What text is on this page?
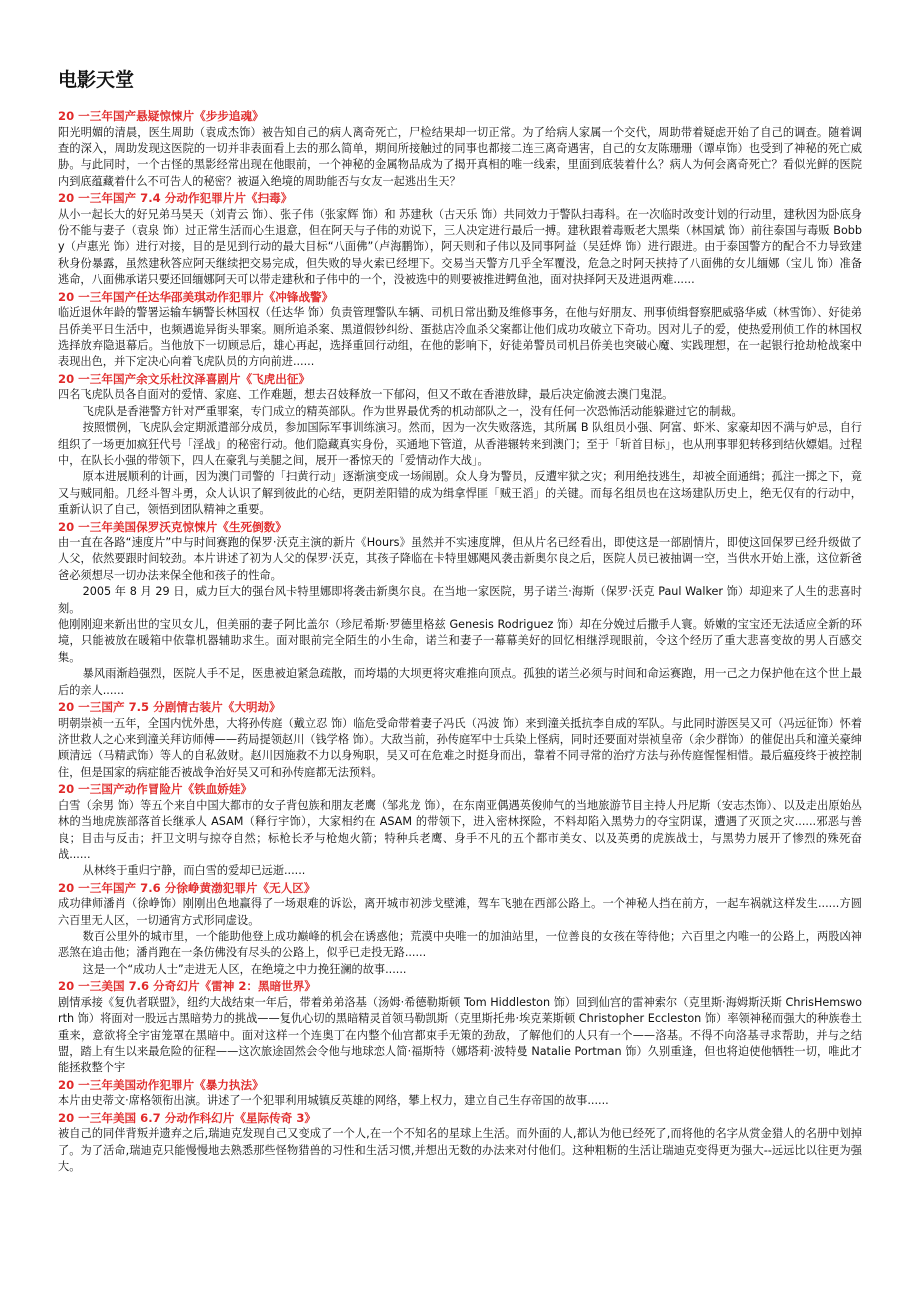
电影天堂
20 一三年国产悬疑惊悚片《步步追魂》

阳光明媚的清晨，医生周助（袁成杰饰）被告知自己的病人离奇死亡，尸检结果却一切正常。为了给病人家属一个交代，周助带着疑虑开始了自己的调查。随着调查的深入，周助发现这医院的一切并非表面看上去的那么简单，期间所接触过的同事也都接二连三离奇遇害，自己的女友陈珊珊（谭卓饰）也受到了神秘的死亡威胁。与此同时，一个古怪的黑影经常出现在他眼前，一个神秘的金属物品成为了揭开真相的唯一线索，里面到底装着什么？病人为何会离奇死亡？看似光鲜的医院内到底蕴藏着什么不可告人的秘密？被逼入绝境的周助能否与女友一起逃出生天？

20 一三年国产 7.4 分动作犯罪片片《扫毒》

从小一起长大的好兄弟马昊天（刘青云 饰）、张子伟（张家辉 饰）和 苏建秋（古天乐 饰）共同效力于警队扫毒科。在一次临时改变计划的行动里，建秋因为卧底身份不能与妻子（袁泉 饰）过正常生活而心生退意，但在阿天与子伟的劝说下，三人决定进行最后一搏。建秋跟着毒贩老大黑柴（林国斌 饰）前往泰国与毒贩 Bobby（卢惠光 饰）进行对接，目的是见到行动的最大目标“八面佛”（卢海鹏饰），阿天则和子伟以及同事阿益（吴廷烨 饰）进行跟进。由于泰国警方的配合不力导致建秋身份暴露，虽然建秋答应阿天继续把交易完成，但失败的导火索已经埋下。交易当天警方几乎全军覆没，危急之时阿天挟持了八面佛的女儿缅娜（宝儿 饰）准备逃命，八面佛承诺只要还回缅娜阿天可以带走建秋和子伟中的一个，没被选中的则要被推进鳄鱼池，面对抉择阿天及进退两难......

20 一三年国产任达华邵美琪动作犯罪片《冲锋战警》

临近退休年龄的警署运输车辆警长林国权（任达华 饰）负责管理警队车辆、司机日常出勤及维修事务，在他与好朋友、刑事侦缉督察肥威骆华威（林雪饰）、好徒弟吕侨美平日生活中，也频遇诡异街头罪案。厕所追杀案、黑道假钞纠纷、蛋挞店冷血杀父案都让他们成功攻破立下奇功。因对儿子的爱，使热爱刑侦工作的林国权选择放弃隐退幕后。当他放下一切顾忌后，雄心再起，选择重回行动组，在他的影响下，好徒弟警员司机吕侨美也突破心魔、实践理想，在一起银行抢劫枪战案中表现出色，并下定决心向着飞虎队员的方向前进......

20 一三年国产余文乐杜汶泽喜剧片《飞虎出征》

四名飞虎队员各自面对的爱情、家庭、工作难题，想去召妓释放一下郁闷，但又不敢在香港放肆，最后决定偷渡去澳门鬼混。

飞虎队是香港警方针对严重罪案，专门成立的精英部队。作为世界最优秀的机动部队之一，没有任何一次恐怖活动能躲避过它的制裁。

按照惯例，飞虎队会定期派遣部分成员，参加国际军事训练演习。然而，因为一次失败落选，其所属 B 队组员小强、阿富、虾米、家豪却因不满与妒忌，自行组织了一场更加疯狂代号「淫战」的秘密行动。他们隐藏真实身份，买通地下管道，从香港辗转来到澳门；至于「斩首目标」，也从刑事罪犯转移到结伙嫖娼。过程中，在队长小强的带领下，四人在豪乳与美腿之间，展开一番惊天的「爱情动作大战」。

原本进展顺利的计画，因为澳门司警的「扫黄行动」逐渐演变成一场闹剧。众人身为警员，反遭牢狱之灾；利用绝技逃生，却被全面通缉；孤注一掷之下，竟又与贼同船。几经斗智斗勇，众人认识了解到彼此的心结，更阴差阳错的成为缉拿悍匪「贼王滔」的关键。而每名组员也在这场建队历史上，绝无仅有的行动中，重新认识了自己，领悟到团队精神之重要。

20 一三年美国保罗沃克惊悚片《生死倒数》

由一直在各路“速度片”中与时间赛跑的保罗·沃克主演的新片《Hours》虽然并不实速度牌，但从片名已经看出，即使这是一部剧情片，即使这回保罗已经升级做了人父，依然要跟时间较劲。本片讲述了初为人父的保罗·沃克，其孩子降临在卡特里娜飓风袭击新奥尔良之后，医院人员已被抽调一空，当供水开始上涨，这位新爸爸必须想尽一切办法来保全他和孩子的性命。

2005 年 8 月 29 日，威力巨大的强台风卡特里娜即将袭击新奥尔良。在当地一家医院，男子诺兰·海斯（保罗·沃克 Paul Walker 饰）却迎来了人生的悲喜时刻。

他刚刚迎来新出世的宝贝女儿，但美丽的妻子阿比盖尔（珍尼希斯·罗德里格兹 Genesis Rodriguez 饰）却在分娩过后撒手人寰。娇嫩的宝宝还无法适应全新的环境，只能被放在暖箱中依靠机器辅助求生。面对眼前完全陌生的小生命，诺兰和妻子一幕幕美好的回忆相继浮现眼前，令这个经历了重大悲喜变故的男人百感交集。

暴风雨渐趋强烈，医院人手不足，医患被迫紧急疏散，而垮塌的大坝更将灾难推向顶点。孤独的诺兰必须与时间和命运赛跑，用一己之力保护他在这个世上最后的亲人......

20 一三国产 7.5 分剧情古装片《大明劫》

明朝崇祯一五年，全国内忧外患，大将孙传庭（戴立忍 饰）临危受命带着妻子冯氏（冯波 饰）来到潼关抵抗李自成的军队。与此同时游医吴又可（冯远征饰）怀着济世救人之心来到潼关拜访师傅——药局提领赵川（钱学格 饰）。大敌当前，孙传庭军中士兵染上怪病，同时还要面对崇祯皇帝（余少群饰）的催促出兵和潼关豪绅顾清远（马精武饰）等人的自私敛财。赵川因施救不力以身殉职，吴又可在危难之时挺身而出，靠着不同寻常的治疗方法与孙传庭惺惺相惜。最后瘟疫终于被控制住，但是国家的病症能否被战争治好吴又可和孙传庭都无法预料。

20 一三国产动作冒险片《铁血娇娃》

白雪（余男 饰）等五个来自中国大都市的女子背包族和朋友老鹰（邹兆龙 饰），在东南亚偶遇英俊帅气的当地旅游节目主持人丹尼斯（安志杰饰）、以及走出原始丛林的当地虎族部落首长继承人 ASAM（释行宇饰），大家相约在 ASAM 的带领下，进入密林探险，不料却陷入黑势力的夺宝阴谋，遭遇了灭顶之灾......邪恶与善良；目击与反击；扞卫文明与掠夺自然；标枪长矛与枪炮火箭；特种兵老鹰、身手不凡的五个都市美女、以及英勇的虎族战士，与黑势力展开了惨烈的殊死奋战......

从林终于重归宁静，而白雪的爱却已远逝......

20 一三年国产 7.6 分徐峥黄渤犯罪片《无人区》

成功律师潘肖（徐峥饰）刚刚出色地赢得了一场艰难的诉讼，离开城市初涉戈壁滩，驾车飞驰在西部公路上。一个神秘人挡在前方，一起车祸就这样发生......方圆六百里无人区，一切通宵方式形同虚设。

数百公里外的城市里，一个能助他登上成功巅峰的机会在诱惑他；荒漠中央唯一的加油站里，一位善良的女孩在等待他；六百里之内唯一的公路上，两股凶神恶煞在追击他；潘肖跑在一条仿佛没有尽头的公路上，似乎已走投无路......

这是一个“成功人士”走进无人区，在绝境之中力挽狂澜的故事......

20 一三美国 7.6 分奇幻片《雷神 2：黑暗世界》

剧情承接《复仇者联盟》，纽约大战结束一年后，带着弟弟洛基（汤姆·希德勒斯顿 Tom Hiddleston 饰）回到仙宫的雷神索尔（克里斯·海姆斯沃斯 ChrisHemsworth 饰）将面对一股远古黑暗势力的挑战——复仇心切的黑暗精灵首领马勒凯斯（克里斯托弗·埃克莱斯顿 Christopher Eccleston 饰）率领神秘而强大的种族卷土重来，意欲将全宇宙笼罩在黑暗中。面对这样一个连奥丁在内整个仙宫都束手无策的劲敌，了解他们的人只有一个——洛基。不得不向洛基寻求帮助，并与之结盟，踏上有生以来最危险的征程——这次旅途固然会令他与地球恋人简·福斯特（娜塔莉·波特曼 Natalie Portman 饰）久别重逢，但也将迫使他牺牲一切，唯此才能拯救整个宇

20 一三年美国动作犯罪片《暴力执法》

本片由史蒂文·席格领衔出演。讲述了一个犯罪利用城镇反英雄的网络，攀上权力，建立自己生存帝国的故事......

20 一三年美国 6.7 分动作科幻片《星际传奇 3》

被自己的同伴背叛并遗弃之后,瑞迪克发现自己又变成了一个人,在一个不知名的星球上生活。而外面的人,都认为他已经死了,而将他的名字从赏金猎人的名册中划掉了。为了活命,瑞迪克只能慢慢地去熟悉那些怪物猎兽的习性和生活习惯,并想出无数的办法来对付他们。这种粗粝的生活让瑞迪克变得更为强大--远远比以往更为强大。
